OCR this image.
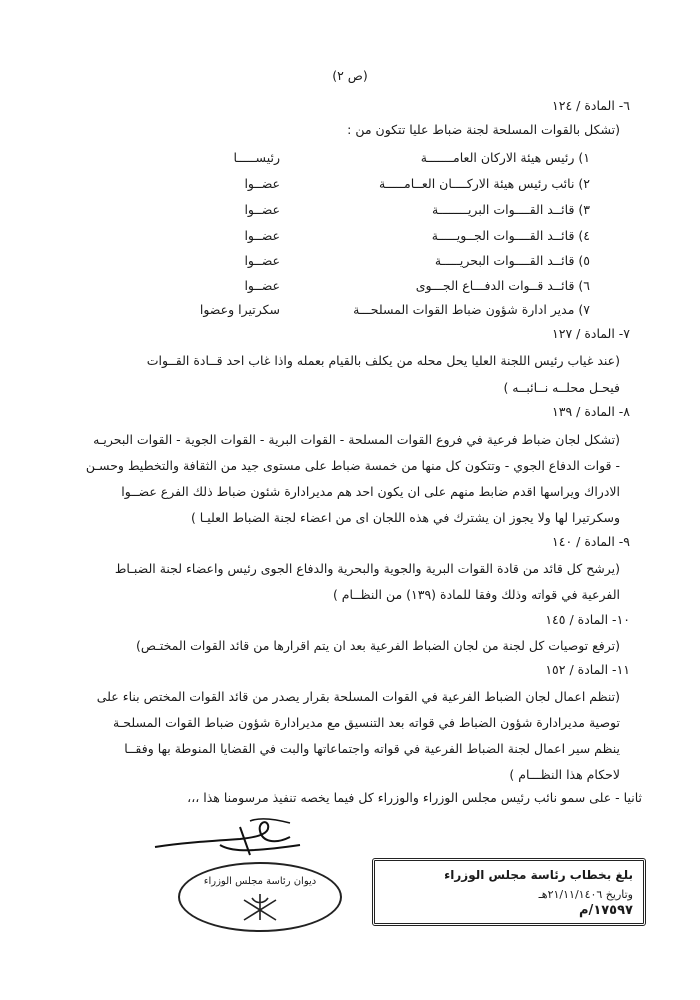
(ص ٢)
٦- المادة / ١٢٤
(تشكل بالقوات المسلحة لجنة ضباط عليا تتكون من :
١) رئيس هيئة الاركان العامـــــــة
رئيســـــا
٢) نائب رئيس هيئة الاركــــان العــامـــــة
عضــوا
٣) قائــد القــــوات البريــــــــة
عضــوا
٤) قائــد القــــوات الجــويـــــة
عضــوا
٥) قائــد القــــوات البحريـــــة
عضــوا
٦) قائــد قــوات الدفـــاع الجـــوى
عضــوا
٧) مدير ادارة شؤون ضباط القوات المسلحـــة
سكرتيرا وعضوا
٧- المادة / ١٢٧
(عند غياب رئيس اللجنة العليا يحل محله من يكلف بالقيام بعمله واذا غاب احد قــادة القــوات
فيحـل محلــه نــائبــه )
٨- المادة / ١٣٩
(تشكل لجان ضباط فرعية في فروع القوات المسلحة - القوات البرية - القوات الجوية - القوات البحريـه
- قوات الدفاع الجوي - وتتكون كل منها من خمسة ضباط على مستوى جيد من الثقافة والتخطيط وحسـن
الادراك ويراسها اقدم ضابط منهم على ان يكون احد هم مديرادارة شئون ضباط ذلك الفرع عضــوا
وسكرتيرا لها ولا يجوز ان يشترك في هذه اللجان اى من اعضاء لجنة الضباط العليـا )
٩- المادة / ١٤٠
(يرشح كل قائد من قادة القوات البرية والجوية والبحرية والدفاع الجوى رئيس واعضاء لجنة الضبـاط
الفرعية في قواته وذلك وفقا للمادة (١٣٩) من النظــام )
١٠- المادة / ١٤٥
(ترفع توصيات كل لجنة من لجان الضباط الفرعية بعد ان يتم اقرارها من قائد القوات المختـص)
١١- المادة / ١٥٢
(تنظم اعمال لجان الضباط الفرعية في القوات المسلحة بقرار يصدر من قائد القوات المختص بناء على
توصية مديرادارة شؤون الضباط في قواته بعد التنسيق مع مديرادارة شؤون ضباط القوات المسلحـة
ينظم سير اعمال لجنة الضباط الفرعية في قواته واجتماعاتها والبت في القضايا المنوطة بها وفقــا
لاحكام هذا النظـــام )
ثانيا - على سمو نائب رئيس مجلس الوزراء والوزراء كل فيما يخصه تنفيذ مرسومنا هذا ،،،
بلغ بخطاب رئاسة مجلس الوزراء
وتاريخ ٢١/١١/١٤٠٦هـ
١٧٥٩٧/م
ديوان رئاسة مجلس الوزراء
